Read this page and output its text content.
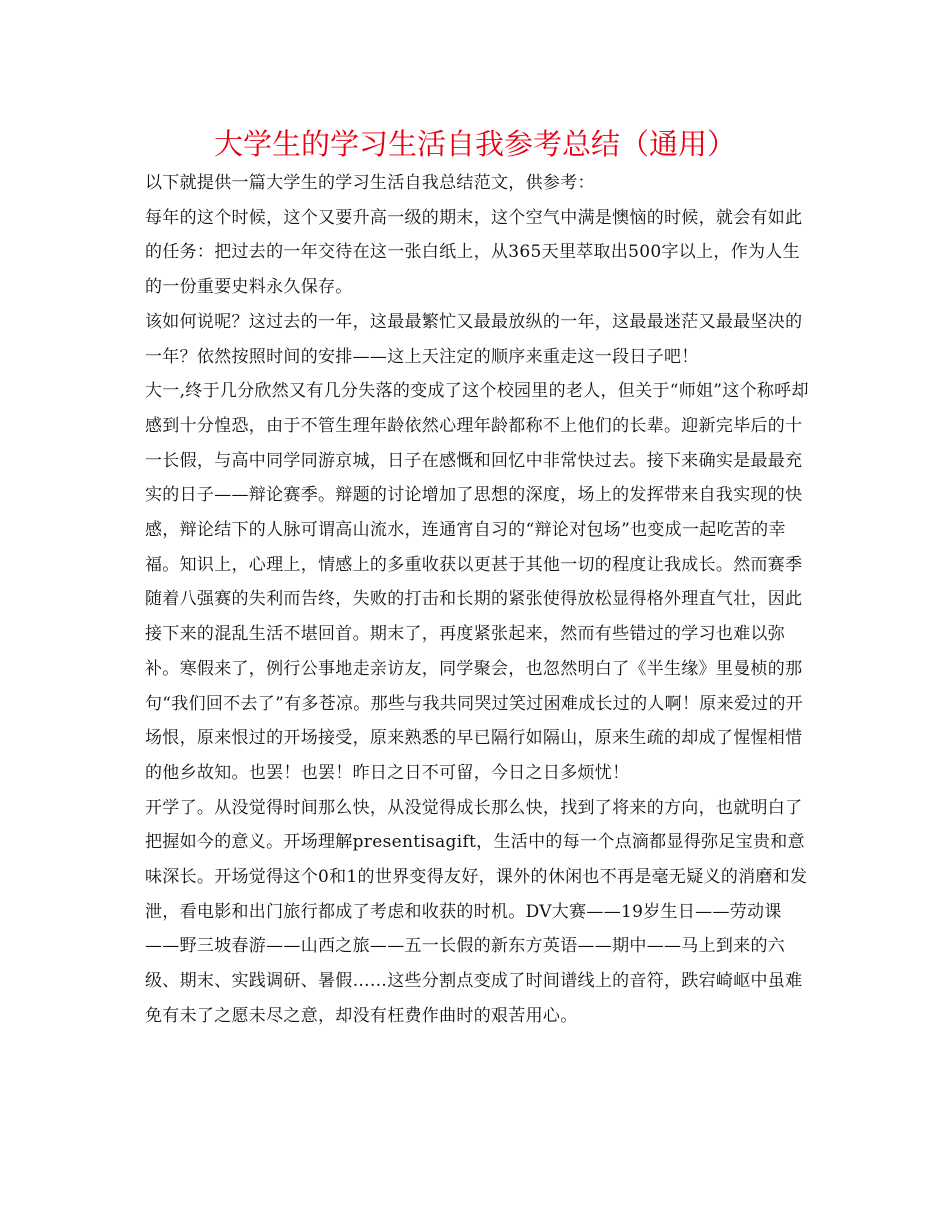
大学生的学习生活自我参考总结（通用）

以下就提供一篇大学生的学习生活自我总结范文，供参考：

每年的这个时候，这个又要升高一级的期末，这个空气中满是懊恼的时候，就会有如此的任务：把过去的一年交待在这一张白纸上，从365天里萃取出500字以上，作为人生的一份重要史料永久保存。

该如何说呢？这过去的一年，这最最繁忙又最最放纵的一年，这最最迷茫又最最坚决的一年？依然按照时间的安排——这上天注定的顺序来重走这一段日子吧！

大一,终于几分欣然又有几分失落的变成了这个校园里的老人，但关于“师姐”这个称呼却感到十分惶恐，由于不管生理年龄依然心理年龄都称不上他们的长辈。迎新完毕后的十一长假，与高中同学同游京城，日子在感慨和回忆中非常快过去。接下来确实是最最充实的日子——辩论赛季。辩题的讨论增加了思想的深度，场上的发挥带来自我实现的快感，辩论结下的人脉可谓高山流水，连通宵自习的“辩论对包场”也变成一起吃苦的幸福。知识上，心理上，情感上的多重收获以更甚于其他一切的程度让我成长。然而赛季随着八强赛的失利而告终，失败的打击和长期的紧张使得放松显得格外理直气壮，因此接下来的混乱生活不堪回首。期末了，再度紧张起来，然而有些错过的学习也难以弥补。寒假来了，例行公事地走亲访友，同学聚会，也忽然明白了《半生缘》里曼桢的那句“我们回不去了”有多苍凉。那些与我共同哭过笑过困难成长过的人啊！原来爱过的开场恨，原来恨过的开场接受，原来熟悉的早已隔行如隔山，原来生疏的却成了惺惺相惜的他乡故知。也罢！也罢！昨日之日不可留，今日之日多烦忧！

开学了。从没觉得时间那么快，从没觉得成长那么快，找到了将来的方向，也就明白了把握如今的意义。开场理解presentisagift，生活中的每一个点滴都显得弥足宝贵和意味深长。开场觉得这个0和1的世界变得友好，课外的休闲也不再是毫无疑义的消磨和发泄，看电影和出门旅行都成了考虑和收获的时机。DV大赛——19岁生日——劳动课——野三坡春游——山西之旅——五一长假的新东方英语——期中——马上到来的六级、期末、实践调研、暑假……这些分割点变成了时间谱线上的音符，跌宕崎岖中虽难免有未了之愿未尽之意，却没有枉费作曲时的艰苦用心。
